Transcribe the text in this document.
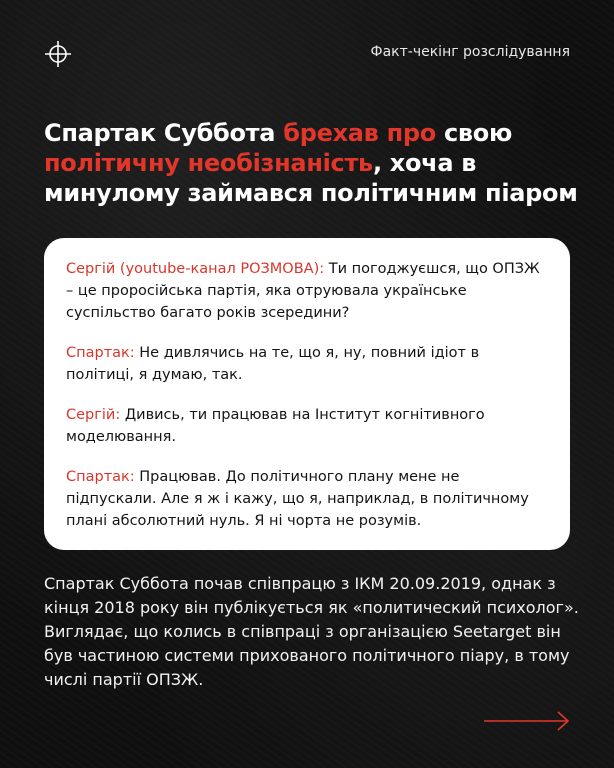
Факт-чекінг розслідування
Спартак Суббота брехав про свою політичну необізнаність, хоча в минулому займався політичним піаром

Сергій (youtube-канал РОЗМОВА): Ти погоджуєшся, що ОПЗЖ – це проросійська партія, яка отруювала українське суспільство багато років зсередини?

Спартак: Не дивлячись на те, що я, ну, повний ідіот в політиці, я думаю, так.

Сергій: Дивись, ти працював на Інститут когнітивного моделювання.

Спартак: Працював. До політичного плану мене не підпускали. Але я ж і кажу, що я, наприклад, в політичному плані абсолютний нуль. Я ні чорта не розумів.

Спартак Суббота почав співпрацю з ІКМ 20.09.2019, однак з кінця 2018 року він публікується як «политический психолог». Виглядає, що колись в співпраці з організацією Seetarget він був частиною системи прихованого політичного піару, в тому числі партії ОПЗЖ.
